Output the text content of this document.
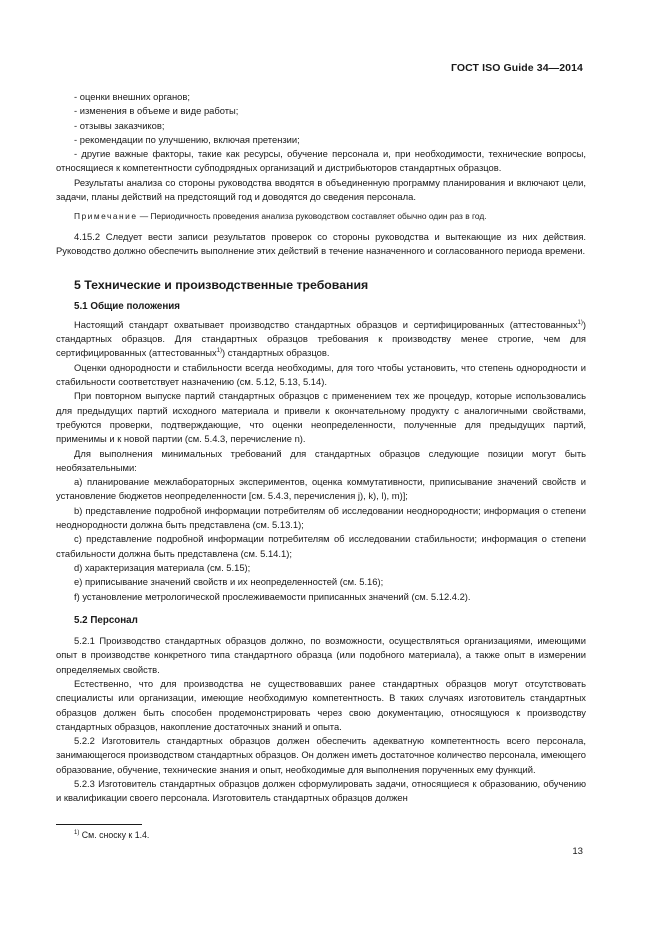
ГОСТ ISO Guide 34—2014

- оценки внешних органов;

- изменения в объеме и виде работы;

- отзывы заказчиков;

- рекомендации по улучшению, включая претензии;

- другие важные факторы, такие как ресурсы, обучение персонала и, при необходимости, технические вопросы, относящиеся к компетентности субподрядных организаций и дистрибьюторов стандартных образцов.

Результаты анализа со стороны руководства вводятся в объединенную программу планирования и включают цели, задачи, планы действий на предстоящий год и доводятся до сведения персонала.

Примечание — Периодичность проведения анализа руководством составляет обычно один раз в год.

4.15.2 Следует вести записи результатов проверок со стороны руководства и вытекающие из них действия. Руководство должно обеспечить выполнение этих действий в течение назначенного и согласованного периода времени.

5 Технические и производственные требования
5.1 Общие положения

Настоящий стандарт охватывает производство стандартных образцов и сертифицированных (аттестованных$^{1)}$) стандартных образцов. Для стандартных образцов требования к производству менее строгие, чем для сертифицированных (аттестованных$^{1)}$) стандартных образцов.

Оценки однородности и стабильности всегда необходимы, для того чтобы установить, что степень однородности и стабильности соответствует назначению (см. 5.12, 5.13, 5.14).

При повторном выпуске партий стандартных образцов с применением тех же процедур, которые использовались для предыдущих партий исходного материала и привели к окончательному продукту с аналогичными свойствами, требуются проверки, подтверждающие, что оценки неопределенности, полученные для предыдущих партий, применимы и к новой партии (см. 5.4.3, перечисление n).

Для выполнения минимальных требований для стандартных образцов следующие позиции могут быть необязательными:

a) планирование межлабораторных экспериментов, оценка коммутативности, приписывание значений свойств и установление бюджетов неопределенности [см. 5.4.3, перечисления j), k), l), m)];

b) представление подробной информации потребителям об исследовании неоднородности; информация о степени неоднородности должна быть представлена (см. 5.13.1);

c) представление подробной информации потребителям об исследовании стабильности; информация о степени стабильности должна быть представлена (см. 5.14.1);

d) характеризация материала (см. 5.15);

e) приписывание значений свойств и их неопределенностей (см. 5.16);

f) установление метрологической прослеживаемости приписанных значений (см. 5.12.4.2).

5.2 Персонал

5.2.1 Производство стандартных образцов должно, по возможности, осуществляться организациями, имеющими опыт в производстве конкретного типа стандартного образца (или подобного материала), а также опыт в измерении определяемых свойств.

Естественно, что для производства не существовавших ранее стандартных образцов могут отсутствовать специалисты или организации, имеющие необходимую компетентность. В таких случаях изготовитель стандартных образцов должен быть способен продемонстрировать через свою документацию, относящуюся к производству стандартных образцов, накопление достаточных знаний и опыта.

5.2.2 Изготовитель стандартных образцов должен обеспечить адекватную компетентность всего персонала, занимающегося производством стандартных образцов. Он должен иметь достаточное количество персонала, имеющего образование, обучение, технические знания и опыт, необходимые для выполнения порученных ему функций.

5.2.3 Изготовитель стандартных образцов должен сформулировать задачи, относящиеся к образованию, обучению и квалификации своего персонала. Изготовитель стандартных образцов должен

$^{1)}$ См. сноску к 1.4.
13
